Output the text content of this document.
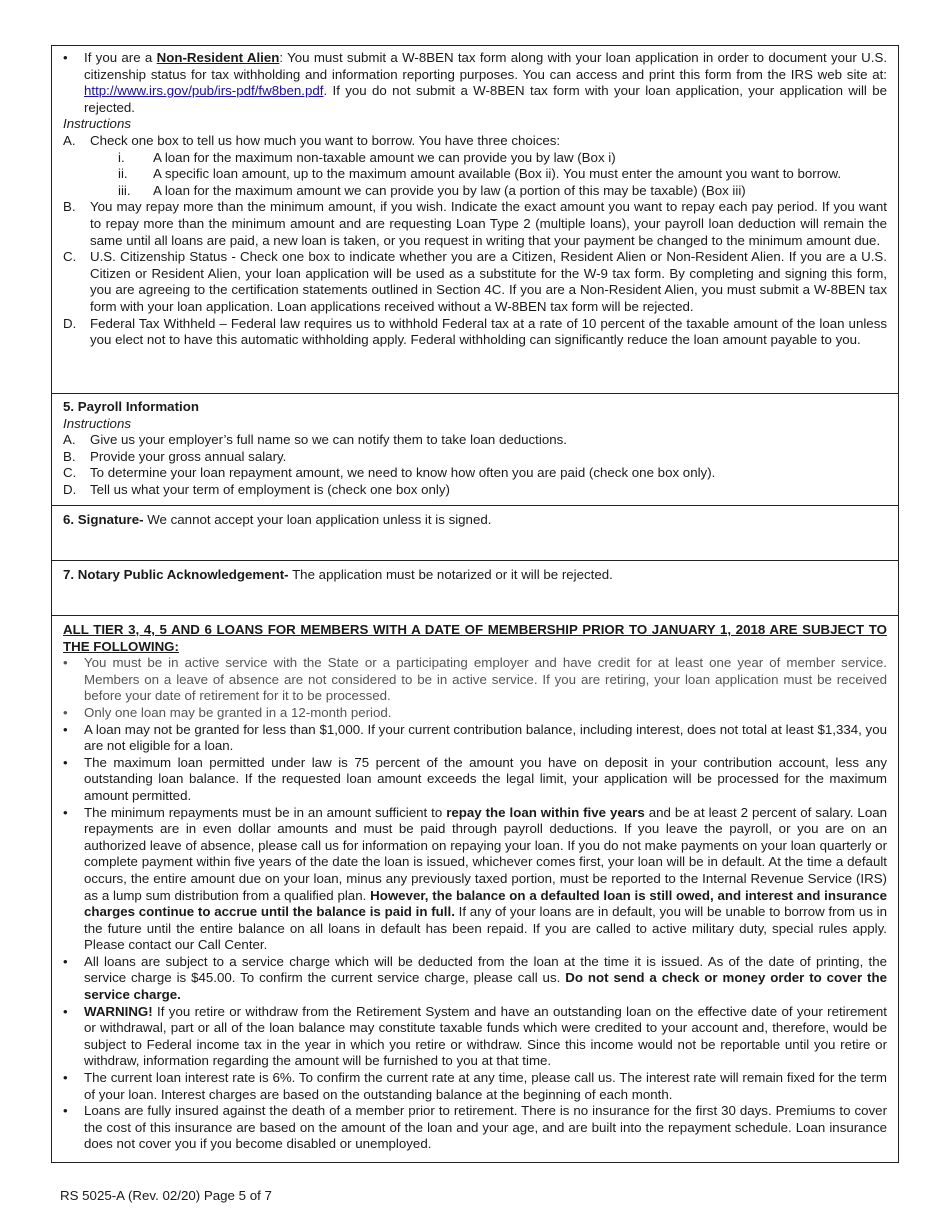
• If you are a Non-Resident Alien: You must submit a W-8BEN tax form along with your loan application in order to document your U.S. citizenship status for tax withholding and information reporting purposes. You can access and print this form from the IRS web site at: http://www.irs.gov/pub/irs-pdf/fw8ben.pdf. If you do not submit a W-8BEN tax form with your loan application, your application will be rejected.
Instructions
A. Check one box to tell us how much you want to borrow. You have three choices:
i. A loan for the maximum non-taxable amount we can provide you by law (Box i)
ii. A specific loan amount, up to the maximum amount available (Box ii). You must enter the amount you want to borrow.
iii. A loan for the maximum amount we can provide you by law (a portion of this may be taxable) (Box iii)
B. You may repay more than the minimum amount, if you wish. Indicate the exact amount you want to repay each pay period. If you want to repay more than the minimum amount and are requesting Loan Type 2 (multiple loans), your payroll loan deduction will remain the same until all loans are paid, a new loan is taken, or you request in writing that your payment be changed to the minimum amount due.
C. U.S. Citizenship Status - Check one box to indicate whether you are a Citizen, Resident Alien or Non-Resident Alien. If you are a U.S. Citizen or Resident Alien, your loan application will be used as a substitute for the W-9 tax form. By completing and signing this form, you are agreeing to the certification statements outlined in Section 4C. If you are a Non-Resident Alien, you must submit a W-8BEN tax form with your loan application. Loan applications received without a W-8BEN tax form will be rejected.
D. Federal Tax Withheld – Federal law requires us to withhold Federal tax at a rate of 10 percent of the taxable amount of the loan unless you elect not to have this automatic withholding apply. Federal withholding can significantly reduce the loan amount payable to you.
5. Payroll Information
Instructions
A. Give us your employer’s full name so we can notify them to take loan deductions.
B. Provide your gross annual salary.
C. To determine your loan repayment amount, we need to know how often you are paid (check one box only).
D. Tell us what your term of employment is (check one box only)
6. Signature- We cannot accept your loan application unless it is signed.
7. Notary Public Acknowledgement- The application must be notarized or it will be rejected.
ALL TIER 3, 4, 5 AND 6 LOANS FOR MEMBERS WITH A DATE OF MEMBERSHIP PRIOR TO JANUARY 1, 2018 ARE SUBJECT TO THE FOLLOWING:
• You must be in active service with the State or a participating employer and have credit for at least one year of member service. Members on a leave of absence are not considered to be in active service. If you are retiring, your loan application must be received before your date of retirement for it to be processed.
• Only one loan may be granted in a 12-month period.
• A loan may not be granted for less than $1,000. If your current contribution balance, including interest, does not total at least $1,334, you are not eligible for a loan.
• The maximum loan permitted under law is 75 percent of the amount you have on deposit in your contribution account, less any outstanding loan balance. If the requested loan amount exceeds the legal limit, your application will be processed for the maximum amount permitted.
• The minimum repayments must be in an amount sufficient to repay the loan within five years and be at least 2 percent of salary. Loan repayments are in even dollar amounts and must be paid through payroll deductions. If you leave the payroll, or you are on an authorized leave of absence, please call us for information on repaying your loan. If you do not make payments on your loan quarterly or complete payment within five years of the date the loan is issued, whichever comes first, your loan will be in default. At the time a default occurs, the entire amount due on your loan, minus any previously taxed portion, must be reported to the Internal Revenue Service (IRS) as a lump sum distribution from a qualified plan. However, the balance on a defaulted loan is still owed, and interest and insurance charges continue to accrue until the balance is paid in full. If any of your loans are in default, you will be unable to borrow from us in the future until the entire balance on all loans in default has been repaid. If you are called to active military duty, special rules apply. Please contact our Call Center.
• All loans are subject to a service charge which will be deducted from the loan at the time it is issued. As of the date of printing, the service charge is $45.00. To confirm the current service charge, please call us. Do not send a check or money order to cover the service charge.
• WARNING! If you retire or withdraw from the Retirement System and have an outstanding loan on the effective date of your retirement or withdrawal, part or all of the loan balance may constitute taxable funds which were credited to your account and, therefore, would be subject to Federal income tax in the year in which you retire or withdraw. Since this income would not be reportable until you retire or withdraw, information regarding the amount will be furnished to you at that time.
• The current loan interest rate is 6%. To confirm the current rate at any time, please call us. The interest rate will remain fixed for the term of your loan. Interest charges are based on the outstanding balance at the beginning of each month.
• Loans are fully insured against the death of a member prior to retirement. There is no insurance for the first 30 days. Premiums to cover the cost of this insurance are based on the amount of the loan and your age, and are built into the repayment schedule. Loan insurance does not cover you if you become disabled or unemployed.
RS 5025-A (Rev. 02/20) Page 5 of 7
